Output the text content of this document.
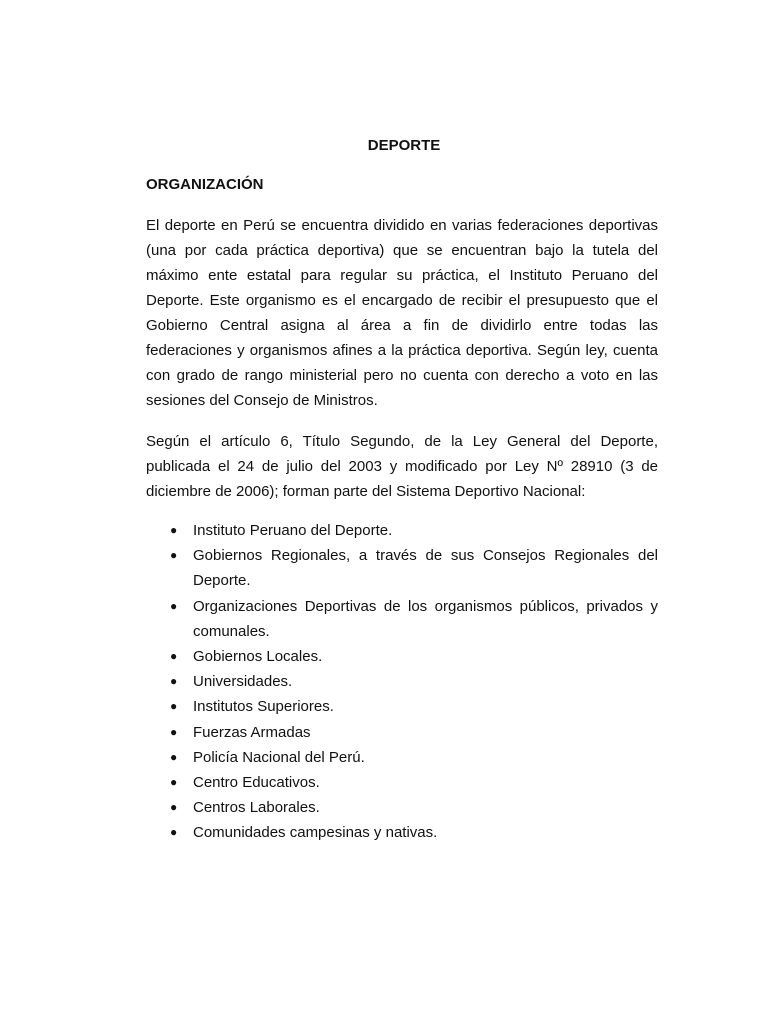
DEPORTE
ORGANIZACIÓN

El deporte en Perú se encuentra dividido en varias federaciones deportivas (una por cada práctica deportiva) que se encuentran bajo la tutela del máximo ente estatal para regular su práctica, el Instituto Peruano del Deporte. Este organismo es el encargado de recibir el presupuesto que el Gobierno Central asigna al área a fin de dividirlo entre todas las federaciones y organismos afines a la práctica deportiva. Según ley, cuenta con grado de rango ministerial pero no cuenta con derecho a voto en las sesiones del Consejo de Ministros.

Según el artículo 6, Título Segundo, de la Ley General del Deporte, publicada el 24 de julio del 2003 y modificado por Ley Nº 28910 (3 de diciembre de 2006); forman parte del Sistema Deportivo Nacional:

● Instituto Peruano del Deporte.
● Gobiernos Regionales, a través de sus Consejos Regionales del Deporte.
● Organizaciones Deportivas de los organismos públicos, privados y comunales.
● Gobiernos Locales.
● Universidades.
● Institutos Superiores.
● Fuerzas Armadas
● Policía Nacional del Perú.
● Centro Educativos.
● Centros Laborales.
● Comunidades campesinas y nativas.
